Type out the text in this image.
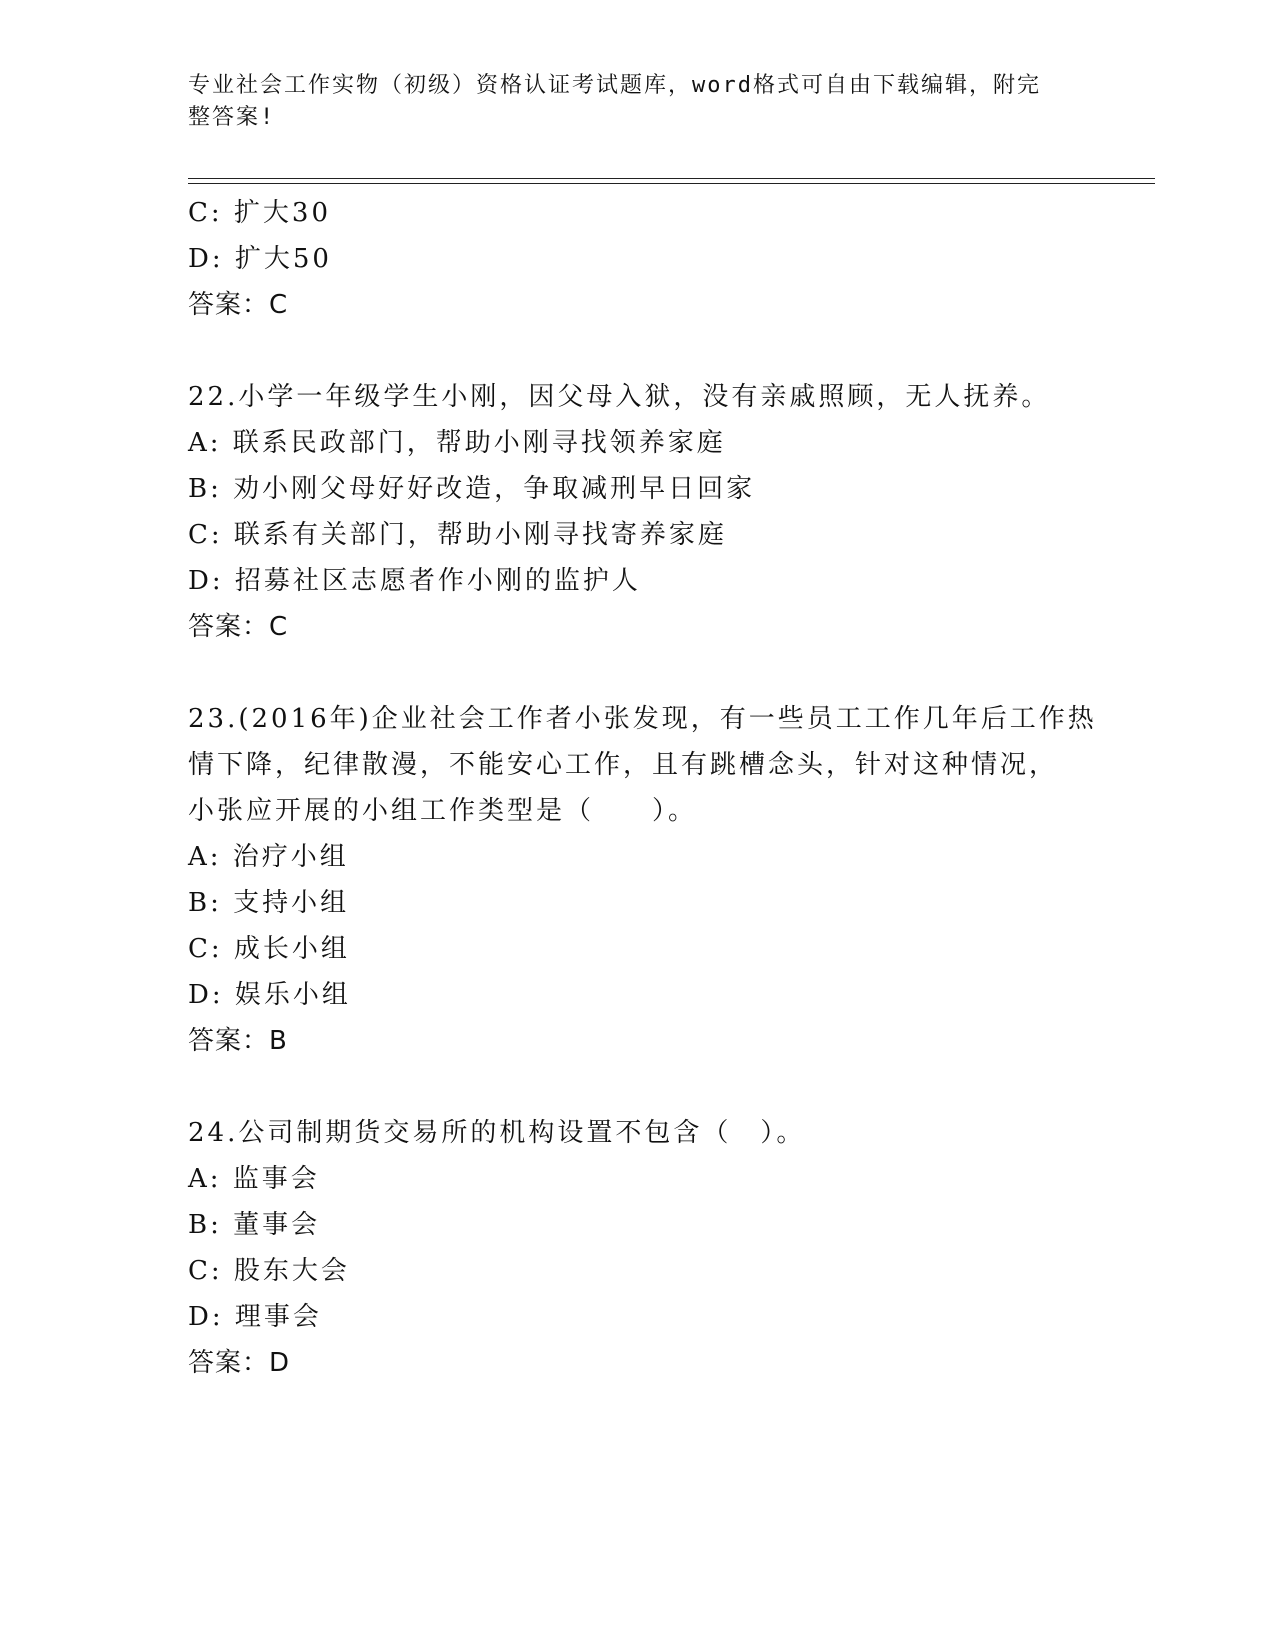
专业社会工作实物（初级）资格认证考试题库，word格式可自由下载编辑，附完
整答案!
C: 扩大30
D: 扩大50
答案：C
22.小学一年级学生小刚，因父母入狱，没有亲戚照顾，无人抚养。
A: 联系民政部门，帮助小刚寻找领养家庭
B: 劝小刚父母好好改造，争取减刑早日回家
C: 联系有关部门，帮助小刚寻找寄养家庭
D: 招募社区志愿者作小刚的监护人
答案：C
23.(2016年)企业社会工作者小张发现，有一些员工工作几年后工作热
情下降，纪律散漫，不能安心工作，且有跳槽念头，针对这种情况，
小张应开展的小组工作类型是（　　）。
A: 治疗小组
B: 支持小组
C: 成长小组
D: 娱乐小组
答案：B
24.公司制期货交易所的机构设置不包含（　）。
A: 监事会
B: 董事会
C: 股东大会
D: 理事会
答案：D
